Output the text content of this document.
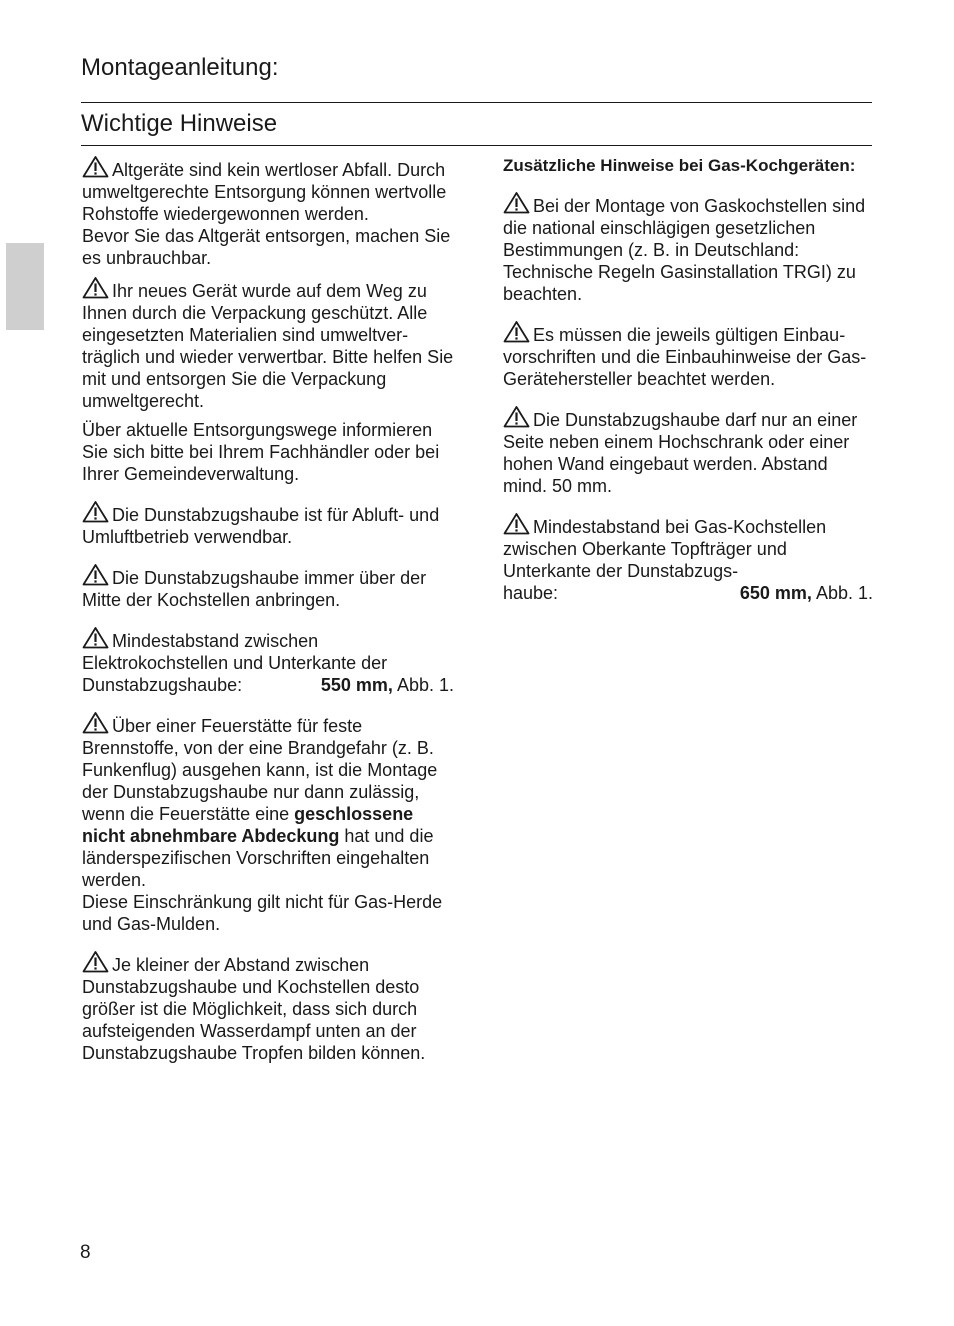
Montageanleitung:
Wichtige Hinweise

Altgeräte sind kein wertloser Abfall. Durch umweltgerechte Entsorgung können wertvolle Rohstoffe wiedergewonnen werden.
Bevor Sie das Altgerät entsorgen, machen Sie es unbrauchbar.

Ihr neues Gerät wurde auf dem Weg zu Ihnen durch die Verpackung geschützt. Alle eingesetzten Materialien sind umweltverträglich und wieder verwertbar. Bitte helfen Sie mit und entsorgen Sie die Verpackung umweltgerecht.

Über aktuelle Entsorgungswege informieren Sie sich bitte bei Ihrem Fachhändler oder bei Ihrer Gemeindeverwaltung.

Die Dunstabzugshaube ist für Abluft- und Umluftbetrieb verwendbar.

Die Dunstabzugshaube immer über der Mitte der Kochstellen anbringen.

Mindestabstand zwischen Elektrokochstellen und Unterkante der
Dunstabzugshaube:	550 mm, Abb. 1.

Über einer Feuerstätte für feste Brennstoffe, von der eine Brandgefahr (z. B. Funkenflug) ausgehen kann, ist die Montage der Dunstabzugshaube nur dann zulässig, wenn die Feuerstätte eine geschlossene nicht abnehmbare Abdeckung hat und die länderspezifischen Vorschriften eingehalten werden.
Diese Einschränkung gilt nicht für Gas-Herde und Gas-Mulden.

Je kleiner der Abstand zwischen Dunstabzugshaube und Kochstellen desto größer ist die Möglichkeit, dass sich durch aufsteigenden Wasserdampf unten an der Dunstabzugshaube Tropfen bilden können.

Zusätzliche Hinweise bei Gas-Kochgeräten:

Bei der Montage von Gaskochstellen sind die national einschlägigen gesetzlichen Bestimmungen (z. B. in Deutschland: Technische Regeln Gasinstallation TRGI) zu beachten.

Es müssen die jeweils gültigen Einbauvorschriften und die Einbauhinweise der Gas-Gerätehersteller beachtet werden.

Die Dunstabzugshaube darf nur an einer Seite neben einem Hochschrank oder einer hohen Wand eingebaut werden. Abstand mind. 50 mm.

Mindestabstand bei Gas-Kochstellen zwischen Oberkante Topfträger und Unterkante der Dunstabzugs-
haube:	650 mm, Abb. 1.

8
